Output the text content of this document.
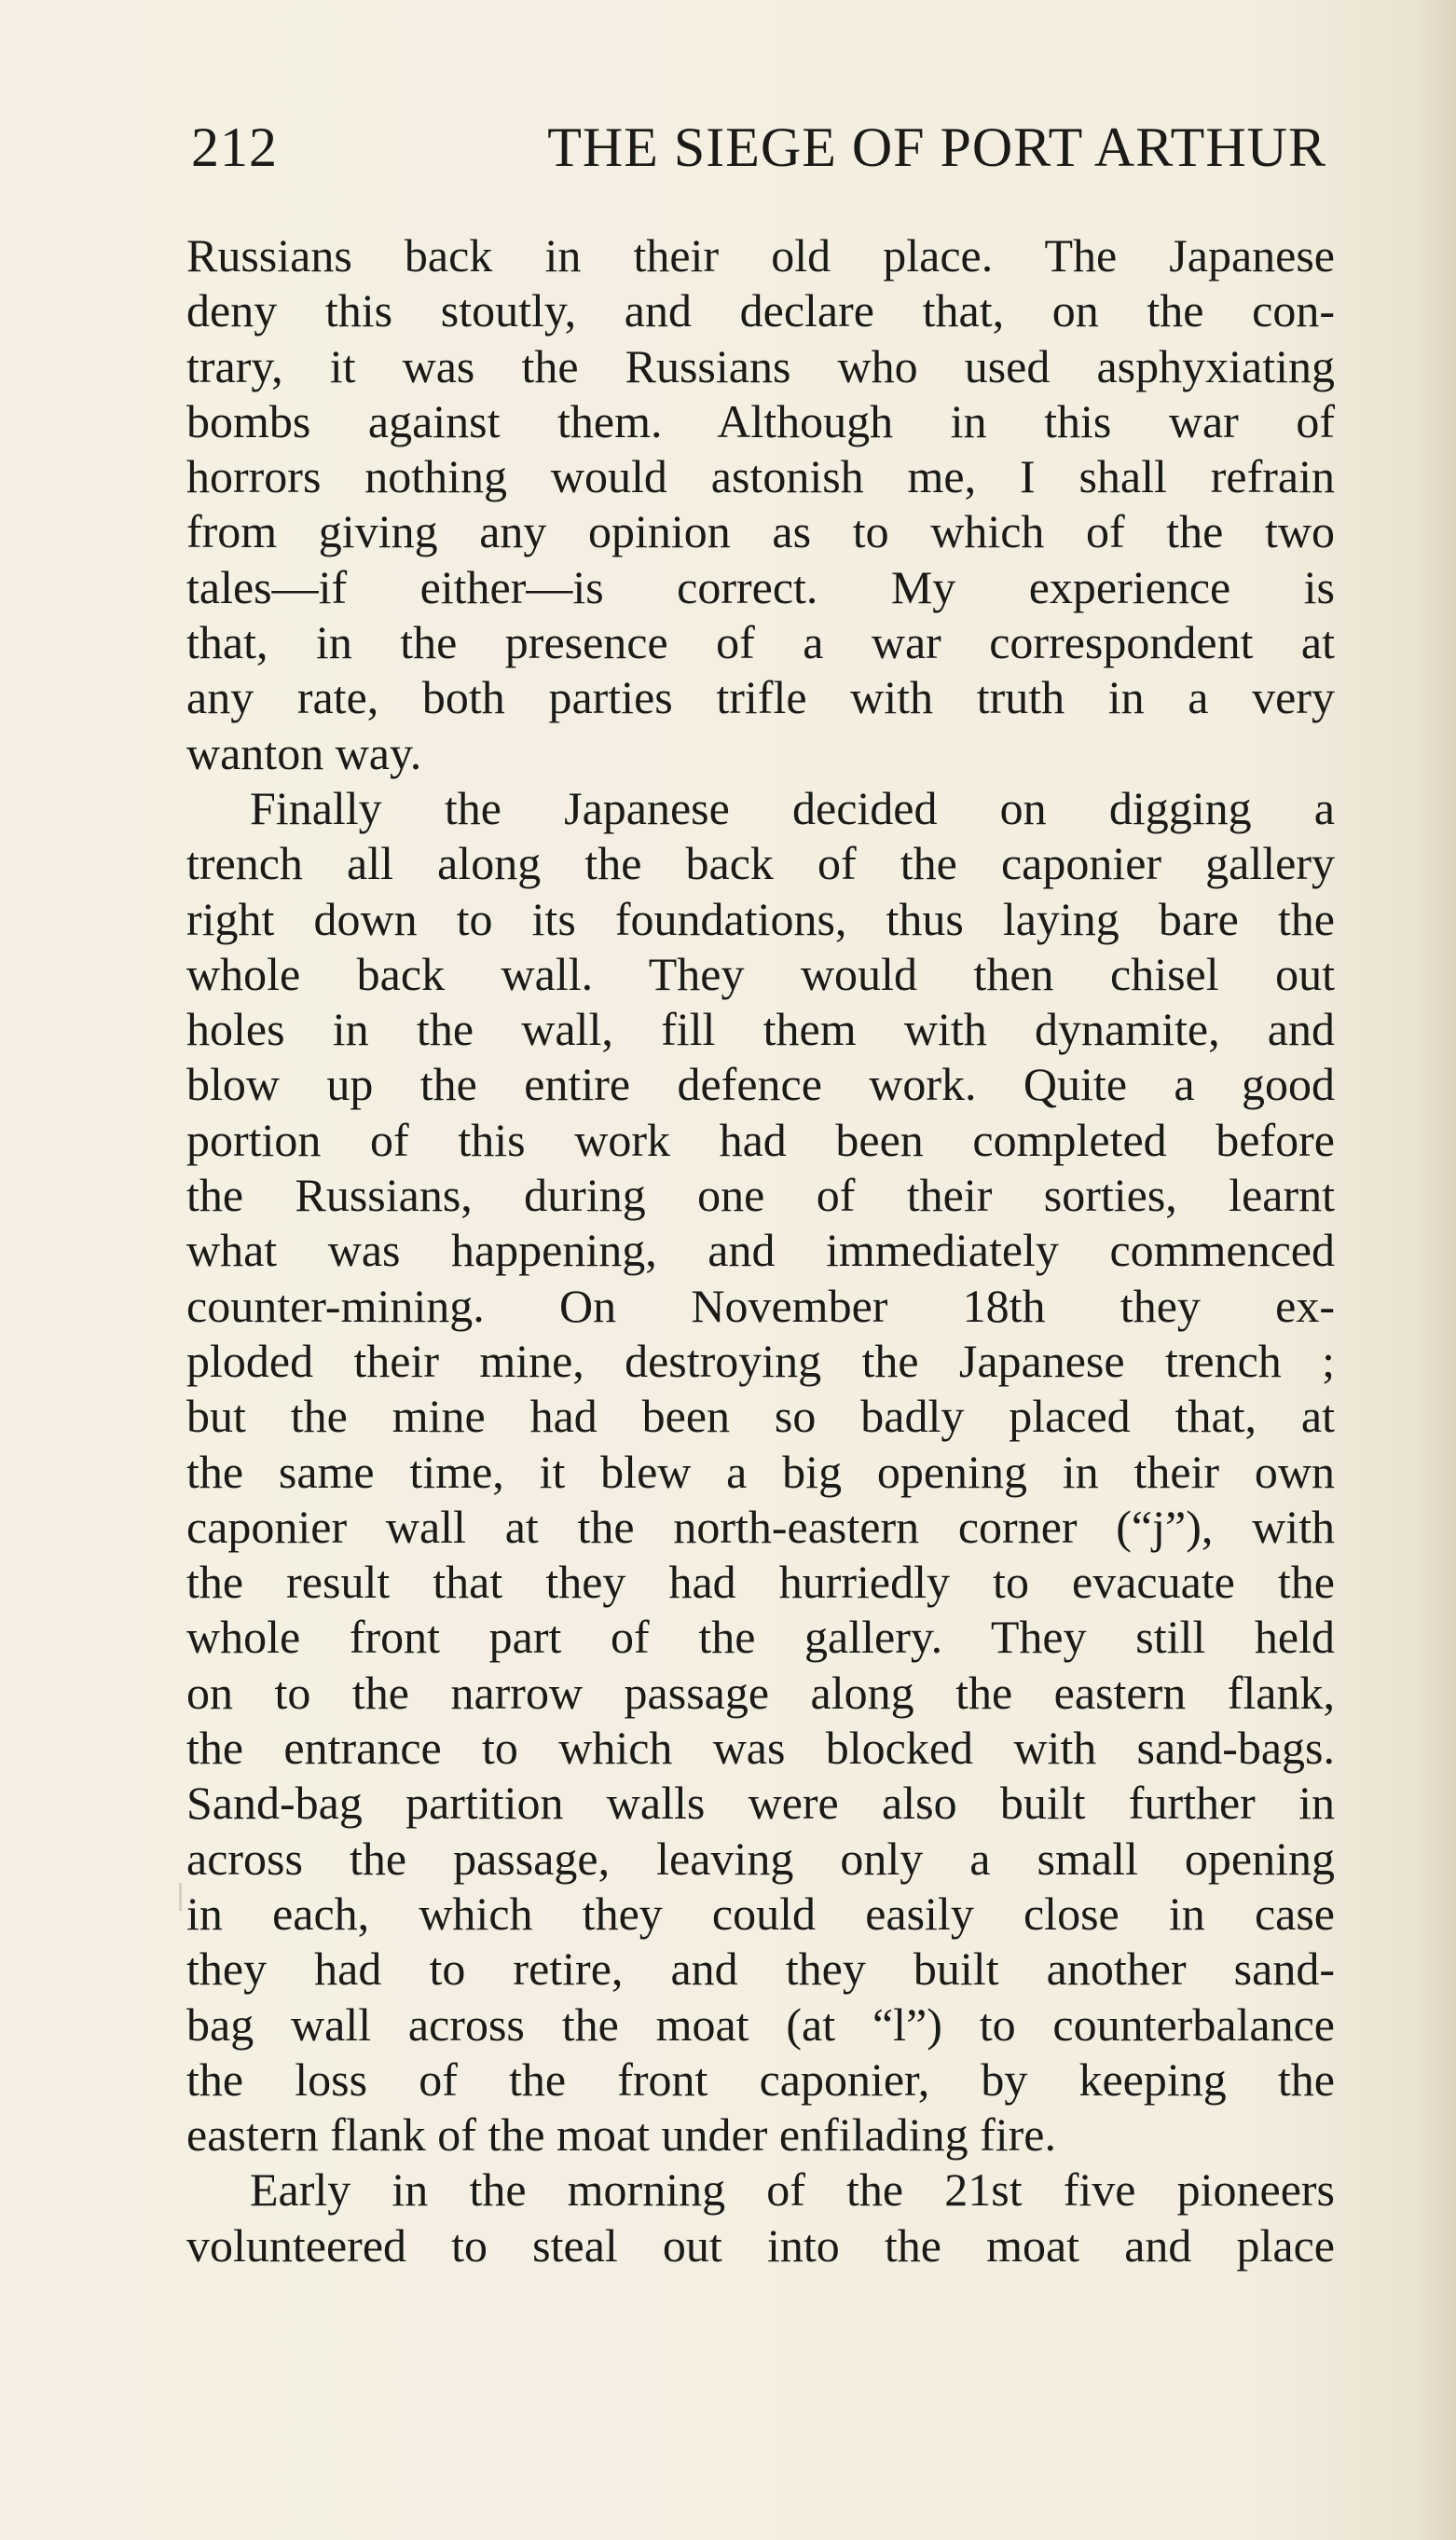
212	THE SIEGE OF PORT ARTHUR
Russians back in their old place. The Japanese
deny this stoutly, and declare that, on the con-
trary, it was the Russians who used asphyxiating
bombs against them. Although in this war of
horrors nothing would astonish me, I shall refrain
from giving any opinion as to which of the two
tales—if either—is correct. My experience is
that, in the presence of a war correspondent at
any rate, both parties trifle with truth in a very
wanton way.
Finally the Japanese decided on digging a
trench all along the back of the caponier gallery
right down to its foundations, thus laying bare the
whole back wall. They would then chisel out
holes in the wall, fill them with dynamite, and
blow up the entire defence work. Quite a good
portion of this work had been completed before
the Russians, during one of their sorties, learnt
what was happening, and immediately commenced
counter-mining. On November 18th they ex-
ploded their mine, destroying the Japanese trench ;
but the mine had been so badly placed that, at
the same time, it blew a big opening in their own
caponier wall at the north-eastern corner (“j”), with
the result that they had hurriedly to evacuate the
whole front part of the gallery. They still held
on to the narrow passage along the eastern flank,
the entrance to which was blocked with sand-bags.
Sand-bag partition walls were also built further in
across the passage, leaving only a small opening
in each, which they could easily close in case
they had to retire, and they built another sand-
bag wall across the moat (at “l”) to counterbalance
the loss of the front caponier, by keeping the
eastern flank of the moat under enfilading fire.
Early in the morning of the 21st five pioneers
volunteered to steal out into the moat and place
